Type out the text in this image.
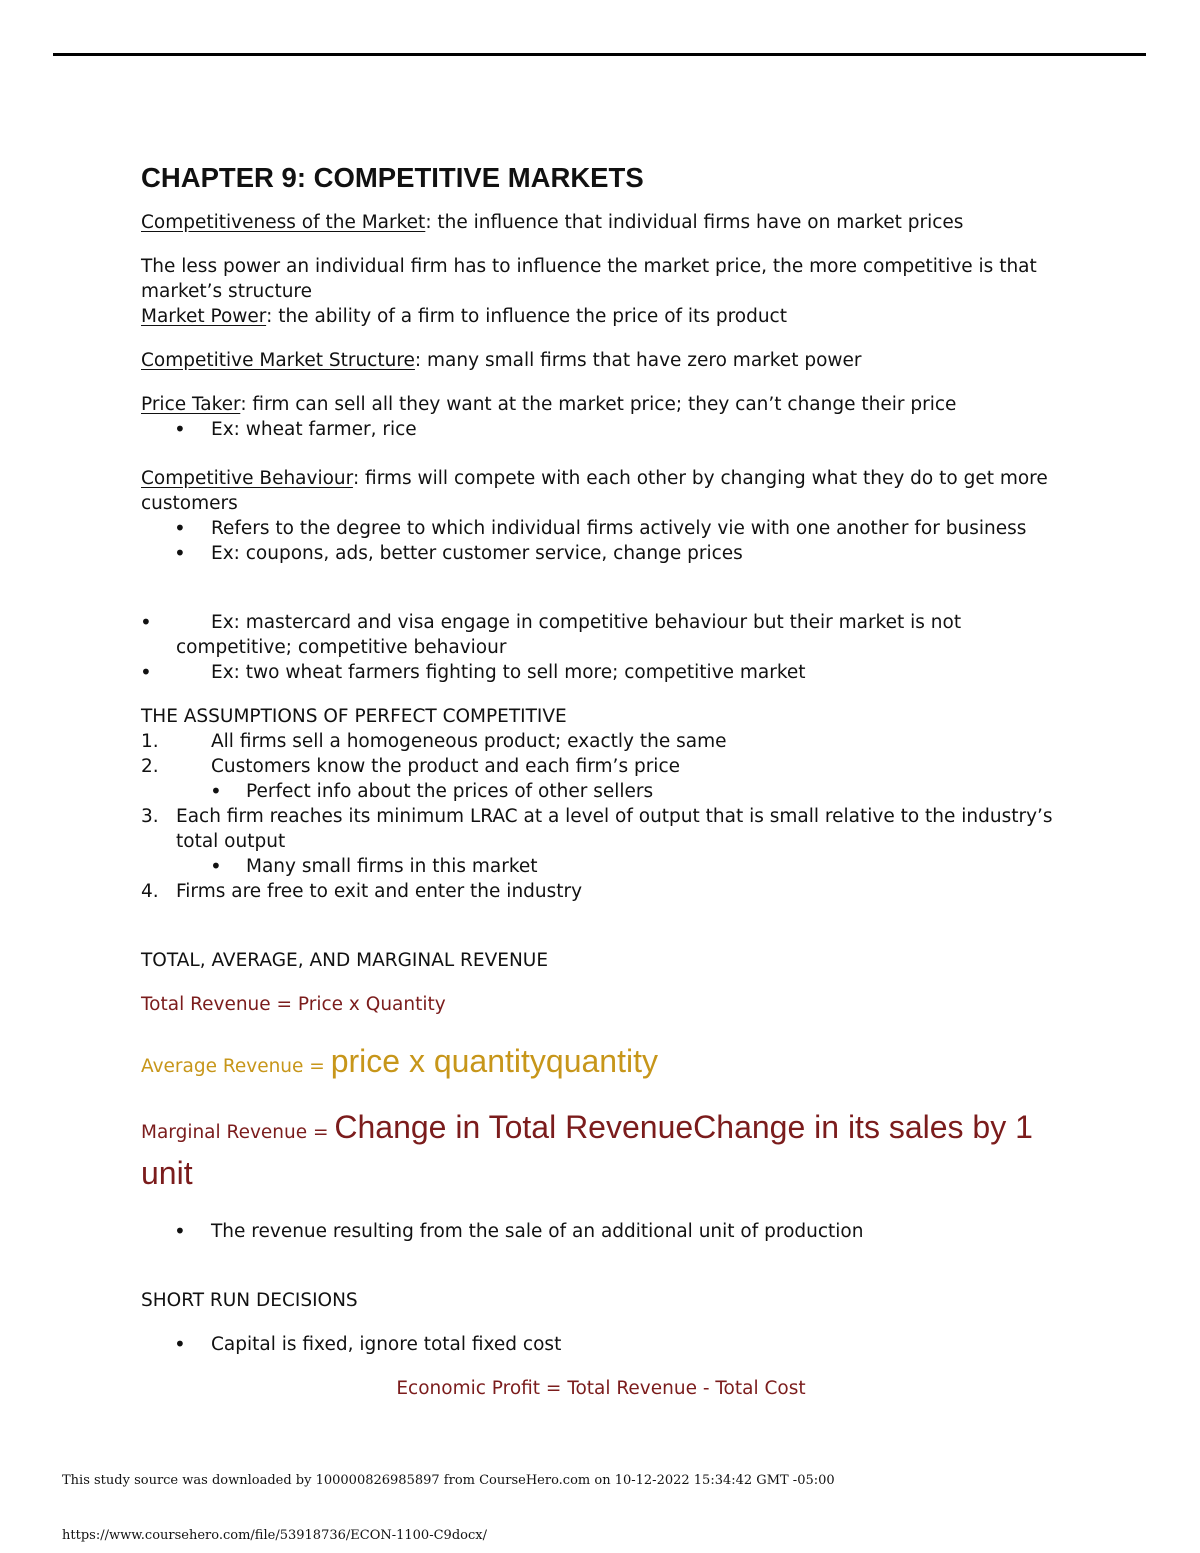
CHAPTER 9: COMPETITIVE MARKETS

Competitiveness of the Market: the influence that individual firms have on market prices

The less power an individual firm has to influence the market price, the more competitive is that market’s structure

Market Power: the ability of a firm to influence the price of its product

Competitive Market Structure: many small firms that have zero market power

Price Taker: firm can sell all they want at the market price; they can’t change their price

• Ex: wheat farmer, rice

Competitive Behaviour: firms will compete with each other by changing what they do to get more customers

• Refers to the degree to which individual firms actively vie with one another for business

• Ex: coupons, ads, better customer service, change prices

• Ex: mastercard and visa engage in competitive behaviour but their market is not competitive; competitive behaviour

• Ex: two wheat farmers fighting to sell more; competitive market

THE ASSUMPTIONS OF PERFECT COMPETITIVE

1.	All firms sell a homogeneous product; exactly the same

2.	Customers know the product and each firm’s price

• Perfect info about the prices of other sellers

3. Each firm reaches its minimum LRAC at a level of output that is small relative to the industry’s total output

• Many small firms in this market

4. Firms are free to exit and enter the industry

TOTAL, AVERAGE, AND MARGINAL REVENUE

Total Revenue = Price x Quantity

Average Revenue = price x quantityquantity

Marginal Revenue = Change in Total RevenueChange in its sales by 1 unit

• The revenue resulting from the sale of an additional unit of production

SHORT RUN DECISIONS

• Capital is fixed, ignore total fixed cost

Economic Profit = Total Revenue - Total Cost

This study source was downloaded by 100000826985897 from CourseHero.com on 10-12-2022 15:34:42 GMT -05:00
https://www.coursehero.com/file/53918736/ECON-1100-C9docx/
